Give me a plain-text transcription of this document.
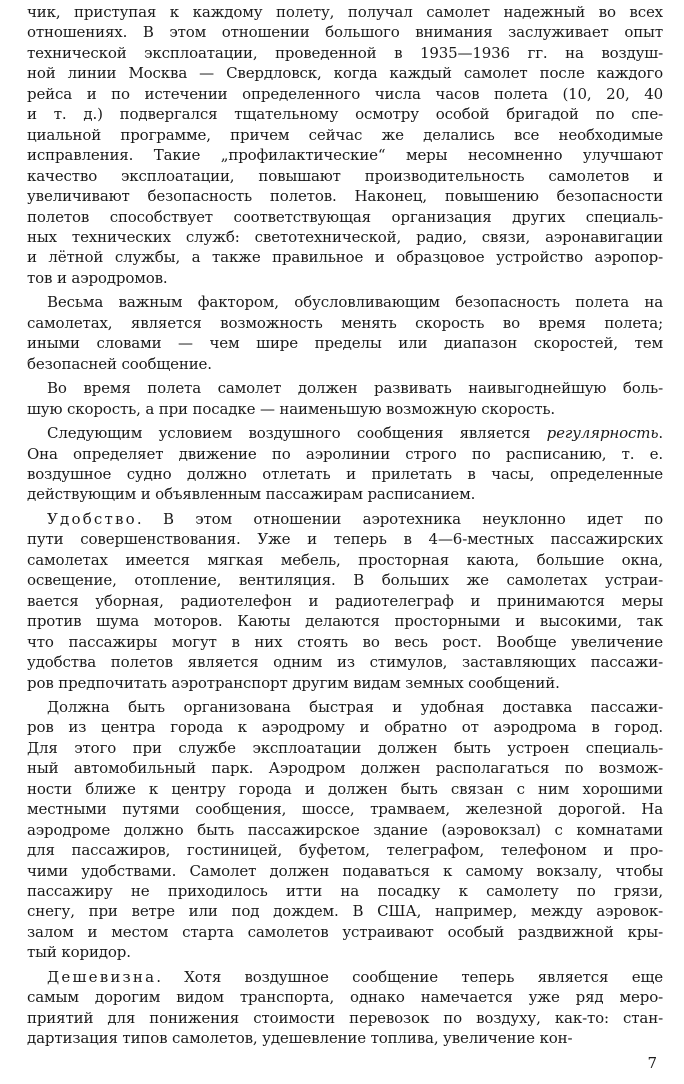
чик, приступая к каждому полету, получал самолет надежный во всех
отношениях. В этом отношении большого внимания заслуживает опыт
технической эксплоатации, проведенной в 1935—1936 гг. на воздуш-
ной линии Москва — Свердловск, когда каждый самолет после каждого
рейса и по истечении определенного числа часов полета (10, 20, 40
и т. д.) подвергался тщательному осмотру особой бригадой по спе-
циальной программе, причем сейчас же делались все необходимые
исправления. Такие „профилактические“ меры несомненно улучшают
качество эксплоатации, повышают производительность самолетов и
увеличивают безопасность полетов. Наконец, повышению безопасности
полетов способствует соответствующая организация других специаль-
ных технических служб: светотехнической, радио, связи, аэронавигации
и лётной службы, а также правильное и образцовое устройство аэропор-
тов и аэродромов.
Весьма важным фактором, обусловливающим безопасность полета на
самолетах, является возможность менять скорость во время полета;
иными словами — чем шире пределы или диапазон скоростей, тем
безопасней сообщение.
Во время полета самолет должен развивать наивыгоднейшую боль-
шую скорость, а при посадке — наименьшую возможную скорость.
Следующим условием воздушного сообщения является регулярность.
Она определяет движение по аэролинии строго по расписанию, т. е.
воздушное судно должно отлетать и прилетать в часы, определенные
действующим и объявленным пассажирам расписанием.
Удобство. В этом отношении аэротехника неуклонно идет по
пути совершенствования. Уже и теперь в 4—6-местных пассажирских
самолетах имеется мягкая мебель, просторная каюта, большие окна,
освещение, отопление, вентиляция. В больших же самолетах устраи-
вается уборная, радиотелефон и радиотелеграф и принимаются меры
против шума моторов. Каюты делаются просторными и высокими, так
что пассажиры могут в них стоять во весь рост. Вообще увеличение
удобства полетов является одним из стимулов, заставляющих пассажи-
ров предпочитать аэротранспорт другим видам земных сообщений.
Должна быть организована быстрая и удобная доставка пассажи-
ров из центра города к аэродрому и обратно от аэродрома в город.
Для этого при службе эксплоатации должен быть устроен специаль-
ный автомобильный парк. Аэродром должен располагаться по возмож-
ности ближе к центру города и должен быть связан с ним хорошими
местными путями сообщения, шоссе, трамваем, железной дорогой. На
аэродроме должно быть пассажирское здание (аэровокзал) с комнатами
для пассажиров, гостиницей, буфетом, телеграфом, телефоном и про-
чими удобствами. Самолет должен подаваться к самому вокзалу, чтобы
пассажиру не приходилось итти на посадку к самолету по грязи,
снегу, при ветре или под дождем. В США, например, между аэровок-
залом и местом старта самолетов устраивают особый раздвижной кры-
тый коридор.
Дешевизна. Хотя воздушное сообщение теперь является еще
самым дорогим видом транспорта, однако намечается уже ряд меро-
приятий для понижения стоимости перевозок по воздуху, как-то: стан-
дартизация типов самолетов, удешевление топлива, увеличение кон-
7
